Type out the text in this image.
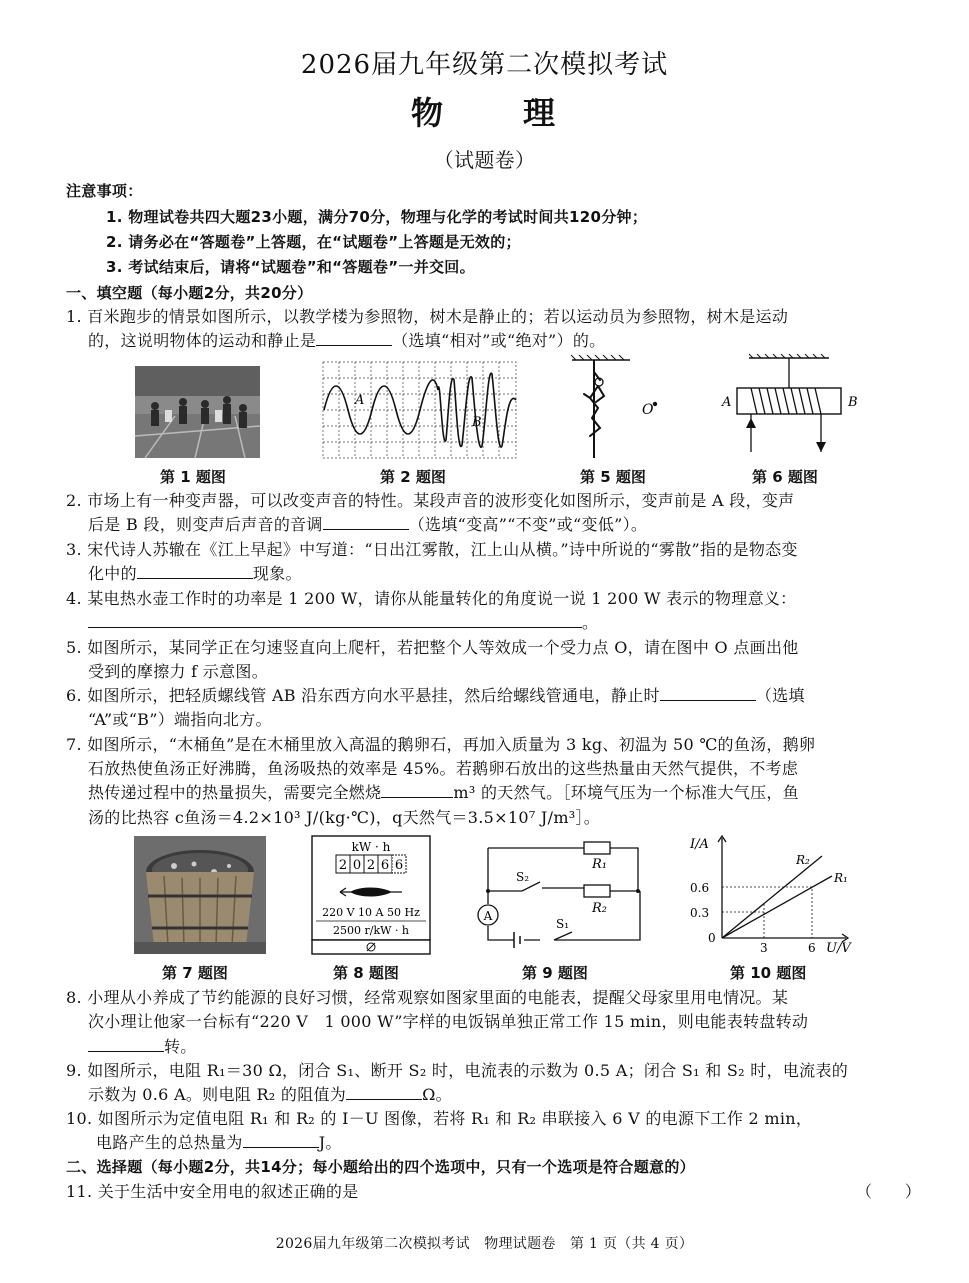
2026届九年级第二次模拟考试
物　理
（试题卷）
注意事项：
1. 物理试卷共四大题23小题，满分70分，物理与化学的考试时间共120分钟；
2. 请务必在“答题卷”上答题，在“试题卷”上答题是无效的；
3. 考试结束后，请将“试题卷”和“答题卷”一并交回。
一、填空题（每小题2分，共20分）
1. 百米跑步的情景如图所示，以教学楼为参照物，树木是静止的；若以运动员为参照物，树木是运动
的，这说明物体的运动和静止是	（选填“相对”或“绝对”）的。
A
B
O	A	B
第 1 题图	第 2 题图	第 5 题图	第 6 题图
2. 市场上有一种变声器，可以改变声音的特性。某段声音的波形变化如图所示，变声前是 A 段，变声
后是 B 段，则变声后声音的音调	（选填“变高”“不变”或“变低”）。
3. 宋代诗人苏辙在《江上早起》中写道：“日出江雾散，江上山从横。”诗中所说的“雾散”指的是物态变
化中的	现象。
4. 某电热水壶工作时的功率是 1 200 W，请你从能量转化的角度说一说 1 200 W 表示的物理意义：
。
5. 如图所示，某同学正在匀速竖直向上爬杆，若把整个人等效成一个受力点 O，请在图中 O 点画出他
受到的摩擦力 f 示意图。
6. 如图所示，把轻质螺线管 AB 沿东西方向水平悬挂，然后给螺线管通电，静止时	（选填
“A”或“B”）端指向北方。
7. 如图所示，“木桶鱼”是在木桶里放入高温的鹅卵石，再加入质量为 3 kg、初温为 50 ℃的鱼汤，鹅卵
石放热使鱼汤正好沸腾，鱼汤吸热的效率是 45%。若鹅卵石放出的这些热量由天然气提供，不考虑
热传递过程中的热量损失，需要完全燃烧	m³ 的天然气。［环境气压为一个标准大气压，鱼
汤的比热容 c鱼汤＝4.2×10³ J/(kg·℃)，q天然气＝3.5×10⁷ J/m³］。
kW · h
2 0 2 6 6
220 V 10 A 50 Hz
2500 r/kW · h
A
R₁
R₂
S₂
S₁
I/A
U/V
0.6
0.3
0
3	6
R₂
R₁
第 7 题图	第 8 题图	第 9 题图	第 10 题图
8. 小理从小养成了节约能源的良好习惯，经常观察如图家里面的电能表，提醒父母家里用电情况。某
次小理让他家一台标有“220 V　1 000 W”字样的电饭锅单独正常工作 15 min，则电能表转盘转动
转。
9. 如图所示，电阻 R₁＝30 Ω，闭合 S₁、断开 S₂ 时，电流表的示数为 0.5 A；闭合 S₁ 和 S₂ 时，电流表的
示数为 0.6 A。则电阻 R₂ 的阻值为	Ω。
10. 如图所示为定值电阻 R₁ 和 R₂ 的 I－U 图像，若将 R₁ 和 R₂ 串联接入 6 V 的电源下工作 2 min，
电路产生的总热量为	J。
二、选择题（每小题2分，共14分；每小题给出的四个选项中，只有一个选项是符合题意的）
11. 关于生活中安全用电的叙述正确的是	（　　）
2026届九年级第二次模拟考试　物理试题卷　第 1 页（共 4 页）
